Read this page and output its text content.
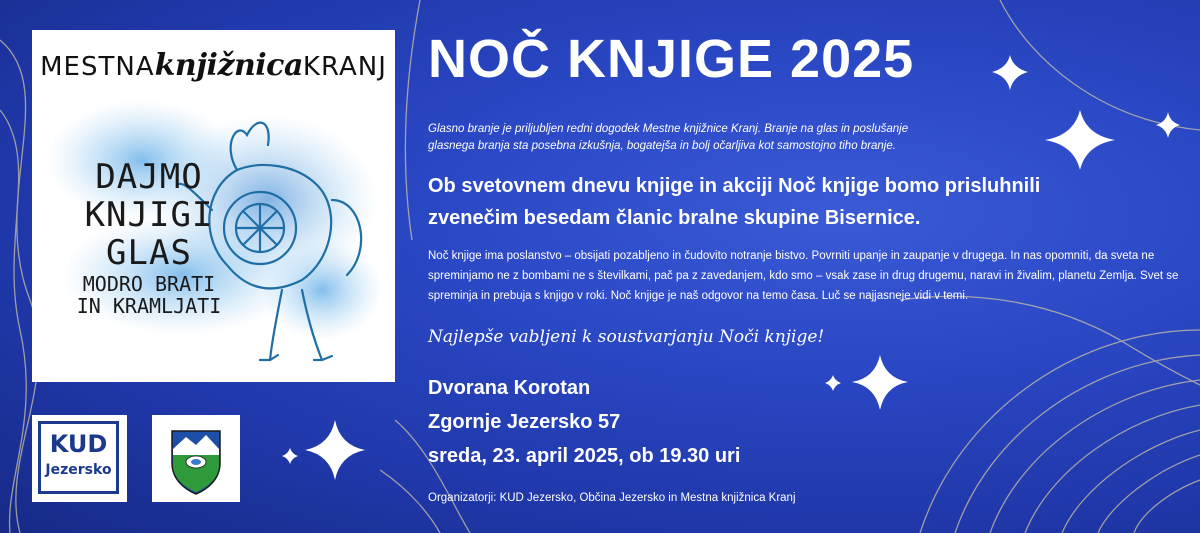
MESTNAknjižnicaKRANJ
DAJMO
KNJIGI
GLAS
MODRO BRATI
IN KRAMLJATI
KUD
Jezersko
NOČ KNJIGE 2025

Glasno branje je priljubljen redni dogodek Mestne knjižnice Kranj. Branje na glas in poslušanje glasnega branja sta posebna izkušnja, bogatejša in bolj očarljiva kot samostojno tiho branje.

Ob svetovnem dnevu knjige in akciji Noč knjige bomo prisluhnili zvenečim besedam članic bralne skupine Bisernice.

Noč knjige ima poslanstvo – obsijati pozabljeno in čudovito notranje bistvo. Povrniti upanje in zaupanje v drugega. In nas opomniti, da sveta ne spreminjamo ne z bombami ne s številkami, pač pa z zavedanjem, kdo smo – vsak zase in drug drugemu, naravi in živalim, planetu Zemlja. Svet se spreminja in prebuja s knjigo v roki. Noč knjige je naš odgovor na temo časa. Luč se najjasneje vidi v temi.

Najlepše vabljeni k soustvarjanju Noči knjige!

Dvorana Korotan
Zgornje Jezersko 57
sreda, 23. april 2025, ob 19.30 uri

Organizatorji: KUD Jezersko, Občina Jezersko in Mestna knjižnica Kranj
